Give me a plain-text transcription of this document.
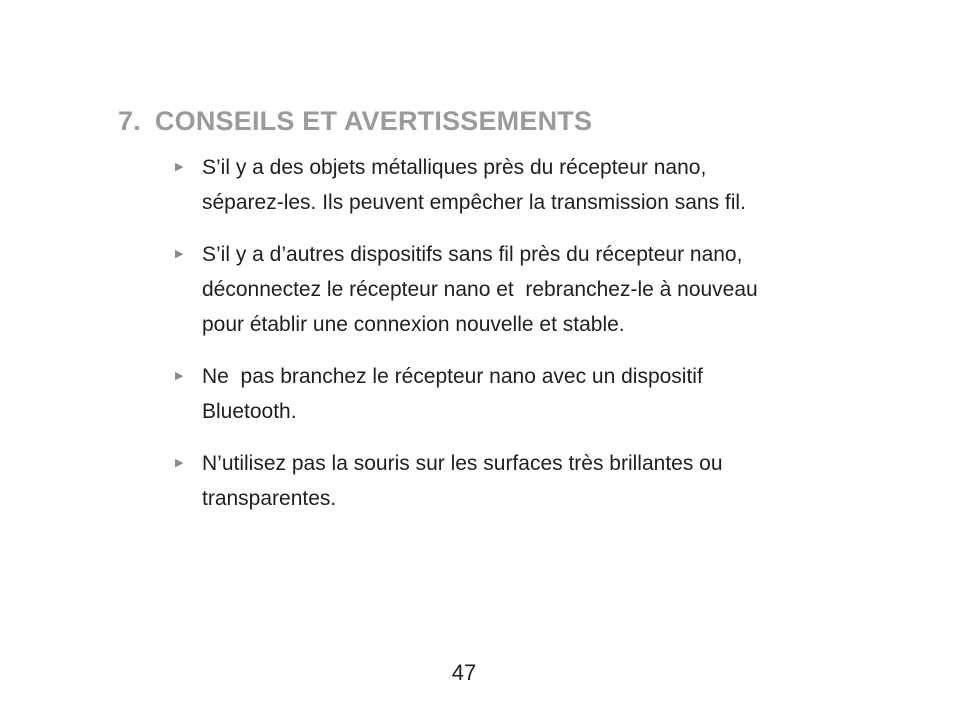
7. CONSEILS ET AVERTISSEMENTS
▶ S’il y a des objets métalliques près du récepteur nano,
séparez-les. Ils peuvent empêcher la transmission sans fil.
▶ S’il y a d’autres dispositifs sans fil près du récepteur nano,
déconnectez le récepteur nano et  rebranchez-le à nouveau
pour établir une connexion nouvelle et stable.
▶ Ne  pas branchez le récepteur nano avec un dispositif
Bluetooth.
▶ N’utilisez pas la souris sur les surfaces très brillantes ou
transparentes.
47
